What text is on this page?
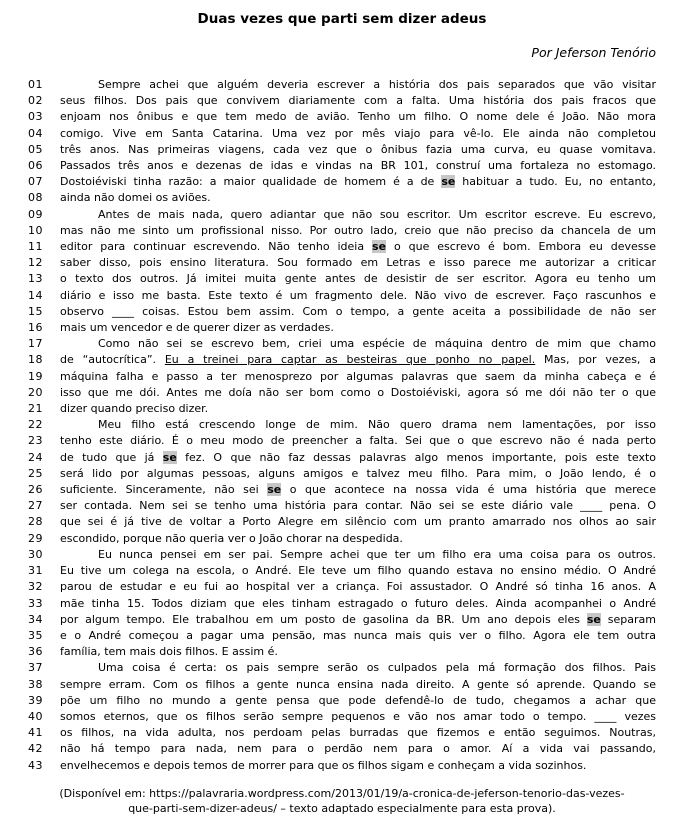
Duas vezes que parti sem dizer adeus
Por Jeferson Tenório
01	Sempre achei que alguém deveria escrever a história dos pais separados que vão visitar
02	seus filhos. Dos pais que convivem diariamente com a falta. Uma história dos pais fracos que
03	enjoam nos ônibus e que tem medo de avião. Tenho um filho. O nome dele é João. Não mora
04	comigo. Vive em Santa Catarina. Uma vez por mês viajo para vê-lo. Ele ainda não completou
05	três anos. Nas primeiras viagens, cada vez que o ônibus fazia uma curva, eu quase vomitava.
06	Passados três anos e dezenas de idas e vindas na BR 101, construí uma fortaleza no estomago.
07	Dostoiéviski tinha razão: a maior qualidade de homem é a de se habituar a tudo. Eu, no entanto,
08	ainda não domei os aviões.
09	Antes de mais nada, quero adiantar que não sou escritor. Um escritor escreve. Eu escrevo,
10	mas não me sinto um profissional nisso. Por outro lado, creio que não preciso da chancela de um
11	editor para continuar escrevendo. Não tenho ideia se o que escrevo é bom. Embora eu devesse
12	saber disso, pois ensino literatura. Sou formado em Letras e isso parece me autorizar a criticar
13	o texto dos outros. Já imitei muita gente antes de desistir de ser escritor. Agora eu tenho um
14	diário e isso me basta. Este texto é um fragmento dele. Não vivo de escrever. Faço rascunhos e
15	observo ____ coisas. Estou bem assim. Com o tempo, a gente aceita a possibilidade de não ser
16	mais um vencedor e de querer dizer as verdades.
17	Como não sei se escrevo bem, criei uma espécie de máquina dentro de mim que chamo
18	de “autocrítica”. Eu a treinei para captar as besteiras que ponho no papel. Mas, por vezes, a
19	máquina falha e passo a ter menosprezo por algumas palavras que saem da minha cabeça e é
20	isso que me dói. Antes me doía não ser bom como o Dostoiéviski, agora só me dói não ter o que
21	dizer quando preciso dizer.
22	Meu filho está crescendo longe de mim. Não quero drama nem lamentações, por isso
23	tenho este diário. É o meu modo de preencher a falta. Sei que o que escrevo não é nada perto
24	de tudo que já se fez. O que não faz dessas palavras algo menos importante, pois este texto
25	será lido por algumas pessoas, alguns amigos e talvez meu filho. Para mim, o João lendo, é o
26	suficiente. Sinceramente, não sei se o que acontece na nossa vida é uma história que merece
27	ser contada. Nem sei se tenho uma história para contar. Não sei se este diário vale ____ pena. O
28	que sei é já tive de voltar a Porto Alegre em silêncio com um pranto amarrado nos olhos ao sair
29	escondido, porque não queria ver o João chorar na despedida.
30	Eu nunca pensei em ser pai. Sempre achei que ter um filho era uma coisa para os outros.
31	Eu tive um colega na escola, o André. Ele teve um filho quando estava no ensino médio. O André
32	parou de estudar e eu fui ao hospital ver a criança. Foi assustador. O André só tinha 16 anos. A
33	mãe tinha 15. Todos diziam que eles tinham estragado o futuro deles. Ainda acompanhei o André
34	por algum tempo. Ele trabalhou em um posto de gasolina da BR. Um ano depois eles se separam
35	e o André começou a pagar uma pensão, mas nunca mais quis ver o filho. Agora ele tem outra
36	família, tem mais dois filhos. E assim é.
37	Uma coisa é certa: os pais sempre serão os culpados pela má formação dos filhos. Pais
38	sempre erram. Com os filhos a gente nunca ensina nada direito. A gente só aprende. Quando se
39	põe um filho no mundo a gente pensa que pode defendê-lo de tudo, chegamos a achar que
40	somos eternos, que os filhos serão sempre pequenos e vão nos amar todo o tempo. ____ vezes
41	os filhos, na vida adulta, nos perdoam pelas burradas que fizemos e então seguimos. Noutras,
42	não há tempo para nada, nem para o perdão nem para o amor. Aí a vida vai passando,
43	envelhecemos e depois temos de morrer para que os filhos sigam e conheçam a vida sozinhos.
(Disponível em: https://palavraria.wordpress.com/2013/01/19/a-cronica-de-jeferson-tenorio-das-vezes-
que-parti-sem-dizer-adeus/ – texto adaptado especialmente para esta prova).
